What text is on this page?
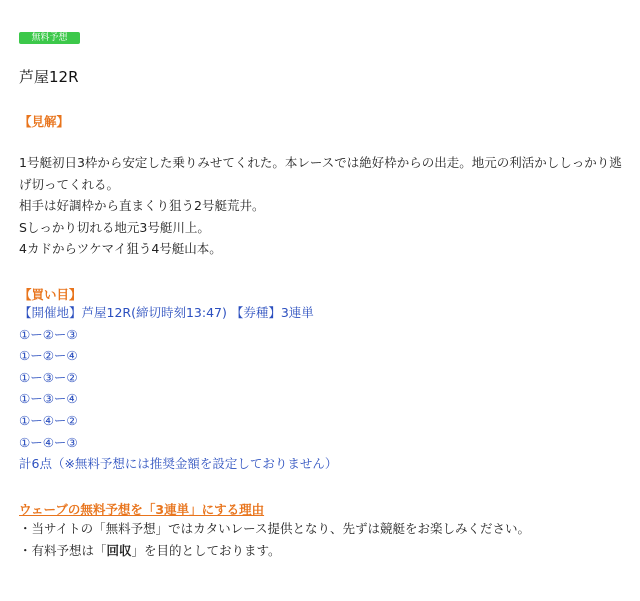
無料予想
芦屋12R
【見解】

1号艇初日3枠から安定した乗りみせてくれた。本レースでは絶好枠からの出走。地元の利活かししっかり逃げ切ってくれる。

相手は好調枠から直まくり狙う2号艇荒井。

Sしっかり切れる地元3号艇川上。

4カドからツケマイ狙う4号艇山本。

【買い目】
【開催地】芦屋12R(締切時刻13:47) 【券種】3連単
①ー②ー③
①ー②ー④
①ー③ー②
①ー③ー④
①ー④ー②
①ー④ー③
計6点（※無料予想には推奨金額を設定しておりません）

ウェーブの無料予想を「3連単」にする理由

・当サイトの「無料予想」ではカタいレース提供となり、先ずは競艇をお楽しみください。
・有料予想は「回収」を目的としております。
